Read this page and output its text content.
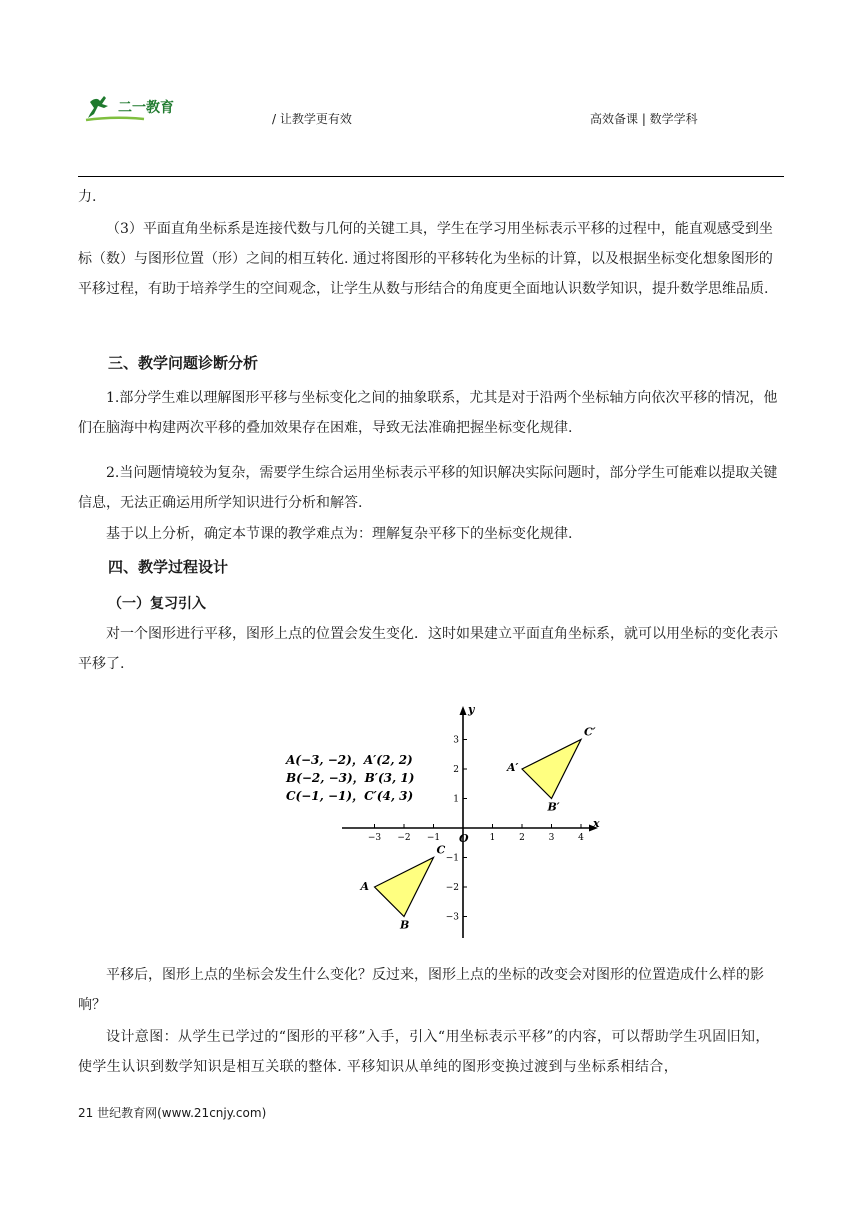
二一教育
/ 让教学更有效	高效备课 | 数学学科

力.

（3）平面直角坐标系是连接代数与几何的关键工具，学生在学习用坐标表示平移的过程中，能直观感受到坐标（数）与图形位置（形）之间的相互转化. 通过将图形的平移转化为坐标的计算，以及根据坐标变化想象图形的平移过程，有助于培养学生的空间观念，让学生从数与形结合的角度更全面地认识数学知识，提升数学思维品质.

三、教学问题诊断分析

1.部分学生难以理解图形平移与坐标变化之间的抽象联系，尤其是对于沿两个坐标轴方向依次平移的情况，他们在脑海中构建两次平移的叠加效果存在困难，导致无法准确把握坐标变化规律.

2.当问题情境较为复杂，需要学生综合运用坐标表示平移的知识解决实际问题时，部分学生可能难以提取关键信息，无法正确运用所学知识进行分析和解答.

基于以上分析，确定本节课的教学难点为：理解复杂平移下的坐标变化规律.

四、教学过程设计
（一）复习引入

对一个图形进行平移，图形上点的位置会发生变化．这时如果建立平面直角坐标系，就可以用坐标的变化表示平移了.

A(−3, −2)，A′(2, 2)
B(−2, −3)，B′(3, 1)
C(−1, −1)，C′(4, 3)
x
y
O
−3 −2 −1	1	2	3	4
3
2
1
−1
−2
−3
A
B
C
A′
B′
C′

平移后，图形上点的坐标会发生什么变化？反过来，图形上点的坐标的改变会对图形的位置造成什么样的影响？

设计意图：从学生已学过的“图形的平移”入手，引入“用坐标表示平移”的内容，可以帮助学生巩固旧知，使学生认识到数学知识是相互关联的整体. 平移知识从单纯的图形变换过渡到与坐标系相结合，

21 世纪教育网(www.21cnjy.com)
